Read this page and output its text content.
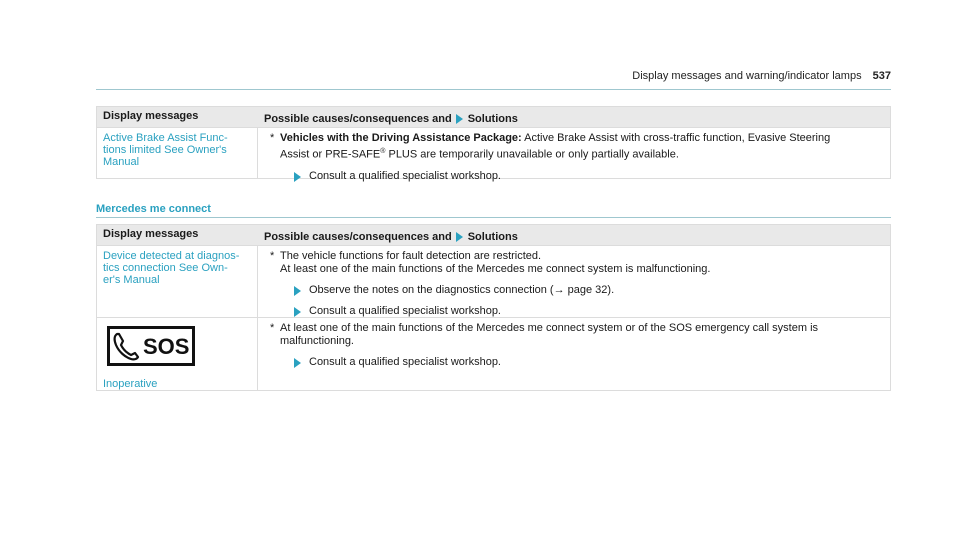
Display messages and warning/indicator lamps 537
Display messages	Possible causes/consequences and Solutions
Active Brake Assist Func-
tions limited See Owner's
Manual
* Vehicles with the Driving Assistance Package: Active Brake Assist with cross-traffic function, Evasive Steering
Assist or PRE-SAFE® PLUS are temporarily unavailable or only partially available.
Consult a qualified specialist workshop.
Mercedes me connect
Display messages	Possible causes/consequences and Solutions
Device detected at diagnos-
tics connection See Own-
er's Manual
* The vehicle functions for fault detection are restricted.
At least one of the main functions of the Mercedes me connect system is malfunctioning.
Observe the notes on the diagnostics connection (→ page 32).
Consult a qualified specialist workshop.
SOS
Inoperative
* At least one of the main functions of the Mercedes me connect system or of the SOS emergency call system is
malfunctioning.
Consult a qualified specialist workshop.
